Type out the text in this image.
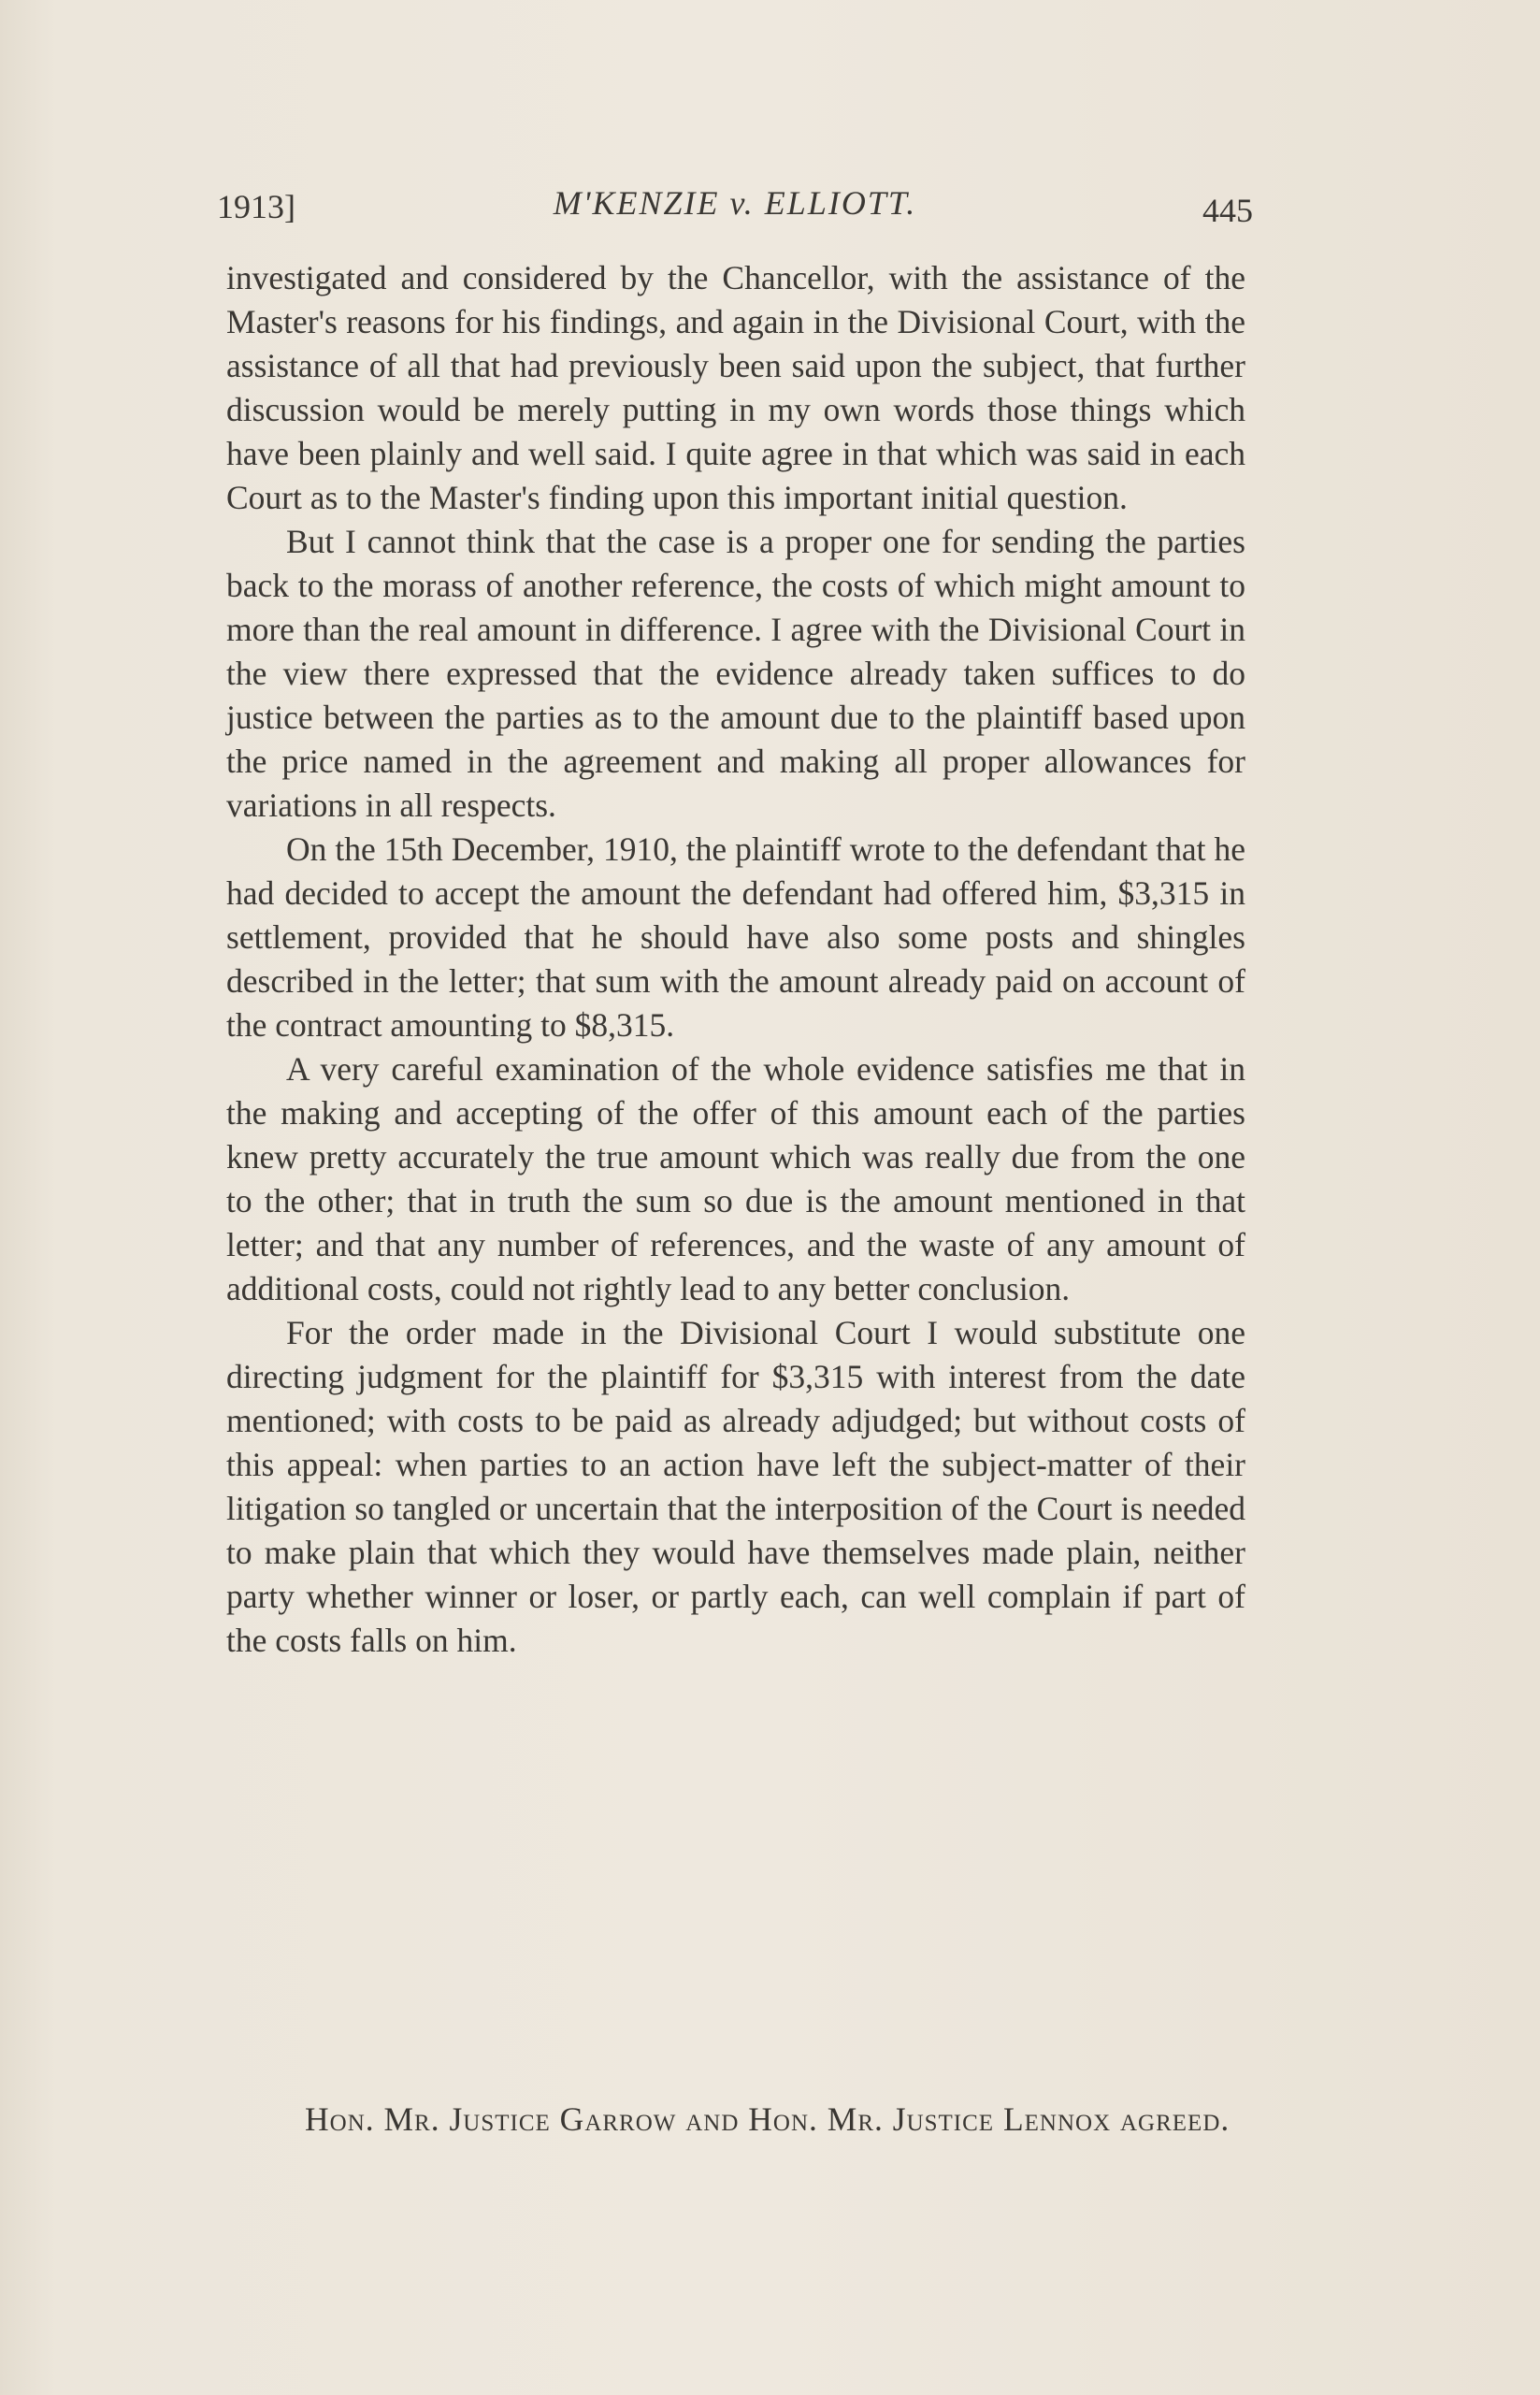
1913]	M'KENZIE v. ELLIOTT.	445

investigated and considered by the Chancellor, with the assistance of the Master's reasons for his findings, and again in the Divisional Court, with the assistance of all that had previously been said upon the subject, that further discussion would be merely putting in my own words those things which have been plainly and well said. I quite agree in that which was said in each Court as to the Master's finding upon this important initial question.

But I cannot think that the case is a proper one for sending the parties back to the morass of another reference, the costs of which might amount to more than the real amount in difference. I agree with the Divisional Court in the view there expressed that the evidence already taken suffices to do justice between the parties as to the amount due to the plaintiff based upon the price named in the agreement and making all proper allowances for variations in all respects.

On the 15th December, 1910, the plaintiff wrote to the defendant that he had decided to accept the amount the defendant had offered him, $3,315 in settlement, provided that he should have also some posts and shingles described in the letter; that sum with the amount already paid on account of the contract amounting to $8,315.

A very careful examination of the whole evidence satisfies me that in the making and accepting of the offer of this amount each of the parties knew pretty accurately the true amount which was really due from the one to the other; that in truth the sum so due is the amount mentioned in that letter; and that any number of references, and the waste of any amount of additional costs, could not rightly lead to any better conclusion.

For the order made in the Divisional Court I would substitute one directing judgment for the plaintiff for $3,315 with interest from the date mentioned; with costs to be paid as already adjudged; but without costs of this appeal: when parties to an action have left the subject-matter of their litigation so tangled or uncertain that the interposition of the Court is needed to make plain that which they would have themselves made plain, neither party whether winner or loser, or partly each, can well complain if part of the costs falls on him.

Hon. Mr. Justice Garrow and Hon. Mr. Justice Lennox agreed.
